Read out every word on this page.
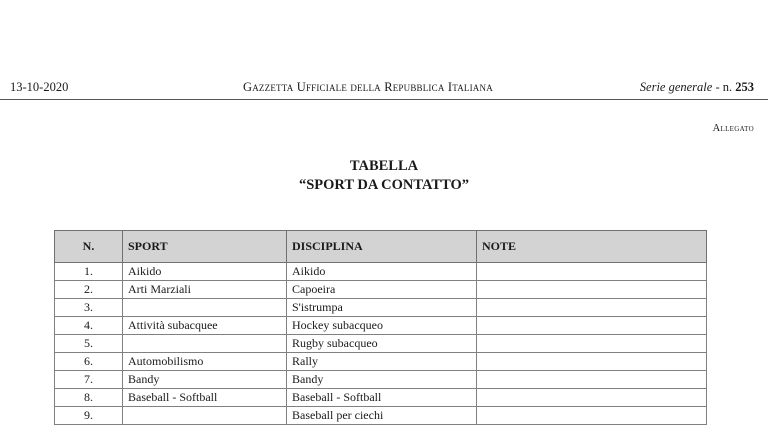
13-10-2020	Gazzetta Ufficiale della Repubblica Italiana	Serie generale - n. 253
Allegato
TABELLA
“SPORT DA CONTATTO”
N.	SPORT	DISCIPLINA	NOTE
1.	Aikido	Aikido	
2.	Arti Marziali	Capoeira	
3.		S'istrumpa	
4.	Attività subacquee	Hockey subacqueo	
5.		Rugby subacqueo	
6.	Automobilismo	Rally	
7.	Bandy	Bandy	
8.	Baseball - Softball	Baseball - Softball	
9.		Baseball per ciechi	
